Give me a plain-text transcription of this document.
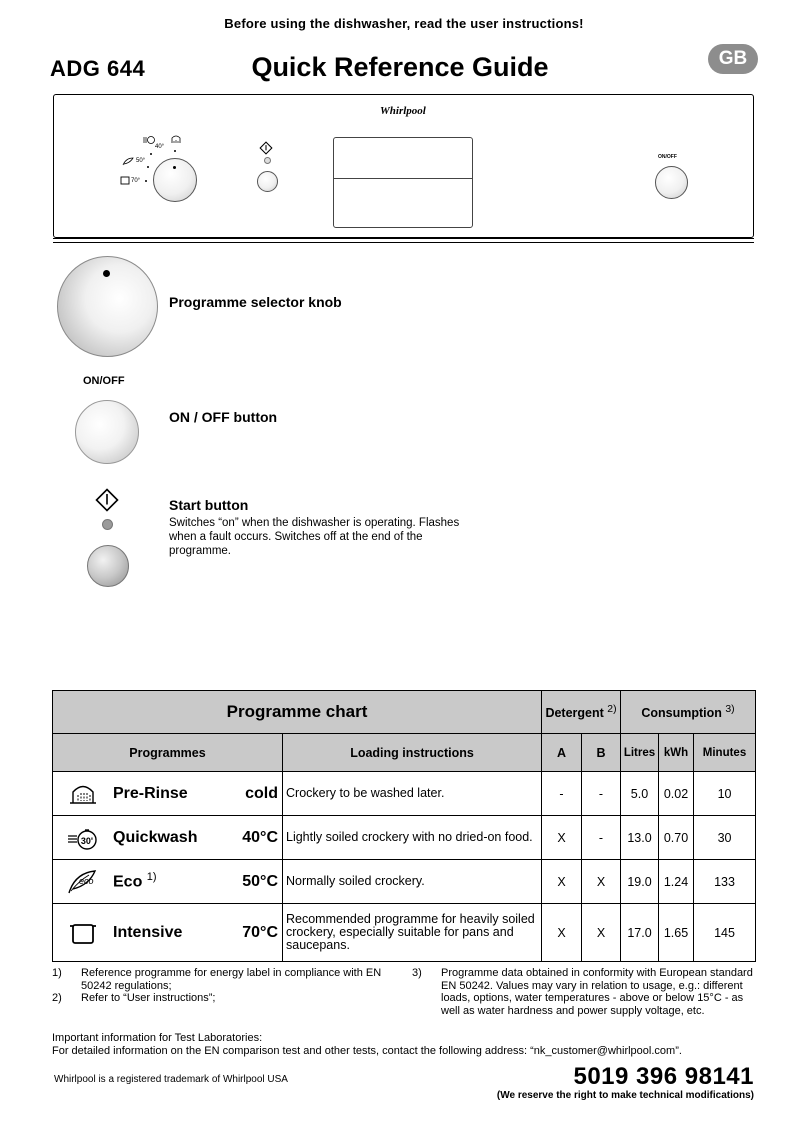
Before using the dishwasher, read the user instructions!
ADG 644	Quick Reference Guide	GB
Whirlpool
40°
50°
70°
ON/OFF
Programme selector knob
ON/OFF
ON / OFF button
Start button
Switches “on” when the dishwasher is operating. Flashes when a fault occurs. Switches off at the end of the programme.
Programme chart		Detergent $^{2)}$		Consumption $^{3)}$
Programmes	Loading instructions	A	B	Litres	kWh	Minutes

Pre-Rinse cold	Crockery to be washed later.	-	-	5.0	0.02	10

30' Quickwash 40°C	Lightly soiled crockery with no dried-on food.	X	-	13.0	0.70	30

eco Eco $^{1)}$ 50°C	Normally soiled crockery.	X	X	19.0	1.24	133

Intensive 70°C	Recommended programme for heavily soiled crockery, especially suitable for pans and saucepans.	X	X	17.0	1.65	145
1)	Reference programme for energy label in compliance with EN 50242 regulations;
2)	Refer to “User instructions”;
3)	Programme data obtained in conformity with European standard EN 50242. Values may vary in relation to usage, e.g.: different loads, options, water temperatures - above or below 15°C - as well as water hardness and power supply voltage, etc.
Important information for Test Laboratories:
For detailed information on the EN comparison test and other tests, contact the following address: “nk_customer@whirlpool.com”.
Whirlpool is a registered trademark of Whirlpool USA	5019 396 98141
(We reserve the right to make technical modifications)
